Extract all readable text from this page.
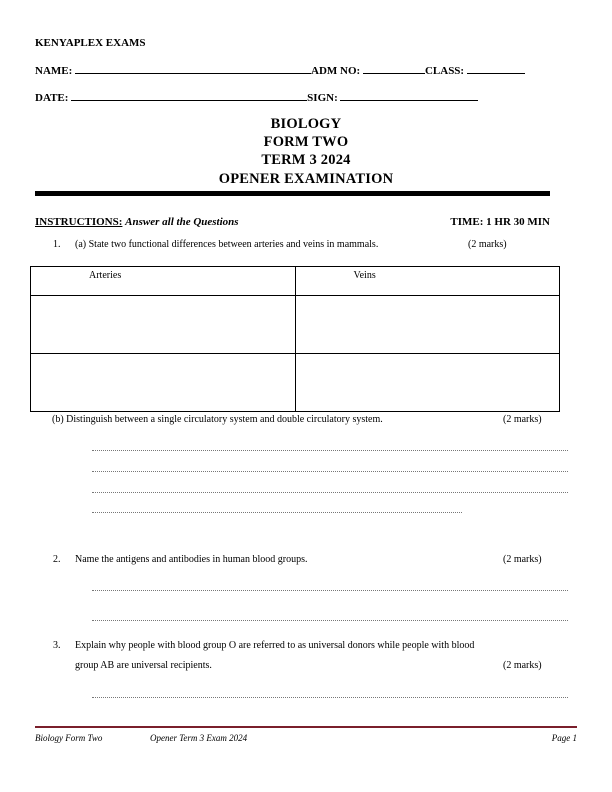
KENYAPLEX EXAMS
NAME:	ADM NO:	CLASS:
DATE:	SIGN:
BIOLOGY
FORM TWO
TERM 3 2024
OPENER EXAMINATION
INSTRUCTIONS: Answer all the Questions	TIME: 1 HR 30 MIN
1. (a) State two functional differences between arteries and veins in mammals.	(2 marks)
Arteries	Veins

(b) Distinguish between a single circulatory system and double circulatory system.	(2 marks)
2. Name the antigens and antibodies in human blood groups.	(2 marks)
3. Explain why people with blood group O are referred to as universal donors while people with blood
group AB are universal recipients.	(2 marks)
Biology Form Two	Opener Term 3 Exam 2024	Page 1
